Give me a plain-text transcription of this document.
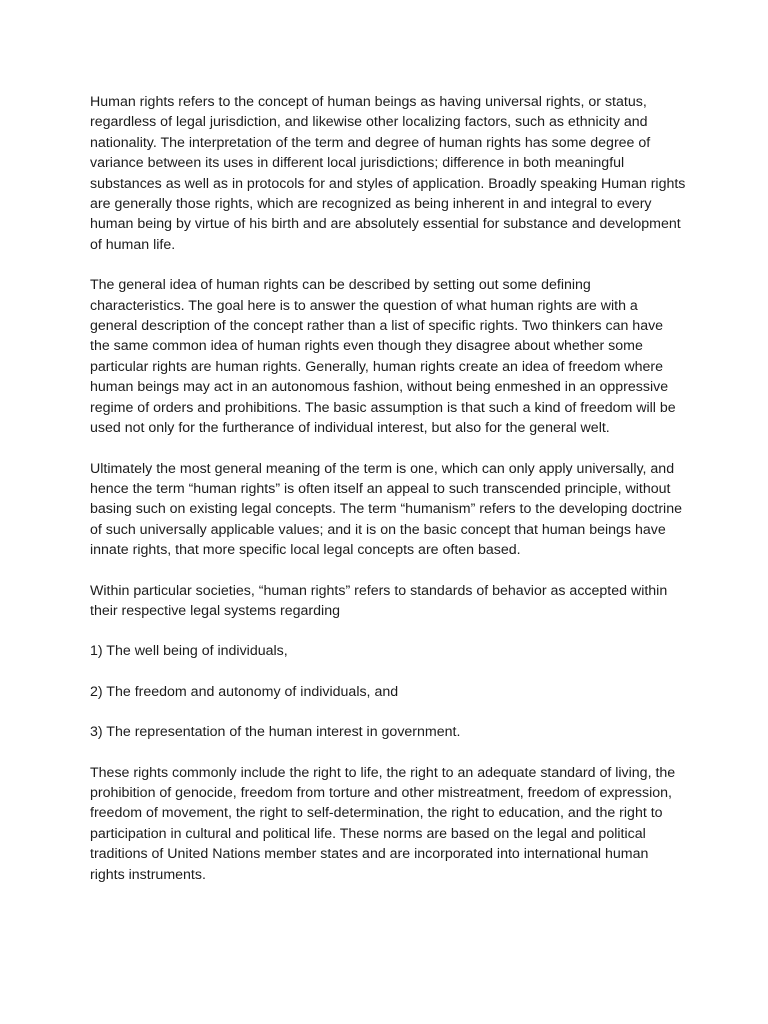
Human rights refers to the concept of human beings as having universal rights, or status, regardless of legal jurisdiction, and likewise other localizing factors, such as ethnicity and nationality. The interpretation of the term and degree of human rights has some degree of variance between its uses in different local jurisdictions; difference in both meaningful substances as well as in protocols for and styles of application. Broadly speaking Human rights are generally those rights, which are recognized as being inherent in and integral to every human being by virtue of his birth and are absolutely essential for substance and development of human life.

The general idea of human rights can be described by setting out some defining characteristics. The goal here is to answer the question of what human rights are with a general description of the concept rather than a list of specific rights. Two thinkers can have the same common idea of human rights even though they disagree about whether some particular rights are human rights. Generally, human rights create an idea of freedom where human beings may act in an autonomous fashion, without being enmeshed in an oppressive regime of orders and prohibitions. The basic assumption is that such a kind of freedom will be used not only for the furtherance of individual interest, but also for the general welt.

Ultimately the most general meaning of the term is one, which can only apply universally, and hence the term “human rights” is often itself an appeal to such transcended principle, without basing such on existing legal concepts. The term “humanism” refers to the developing doctrine of such universally applicable values; and it is on the basic concept that human beings have innate rights, that more specific local legal concepts are often based.

Within particular societies, “human rights” refers to standards of behavior as accepted within their respective legal systems regarding

1) The well being of individuals,

2) The freedom and autonomy of individuals, and

3) The representation of the human interest in government.

These rights commonly include the right to life, the right to an adequate standard of living, the prohibition of genocide, freedom from torture and other mistreatment, freedom of expression, freedom of movement, the right to self-determination, the right to education, and the right to participation in cultural and political life. These norms are based on the legal and political traditions of United Nations member states and are incorporated into international human rights instruments.
